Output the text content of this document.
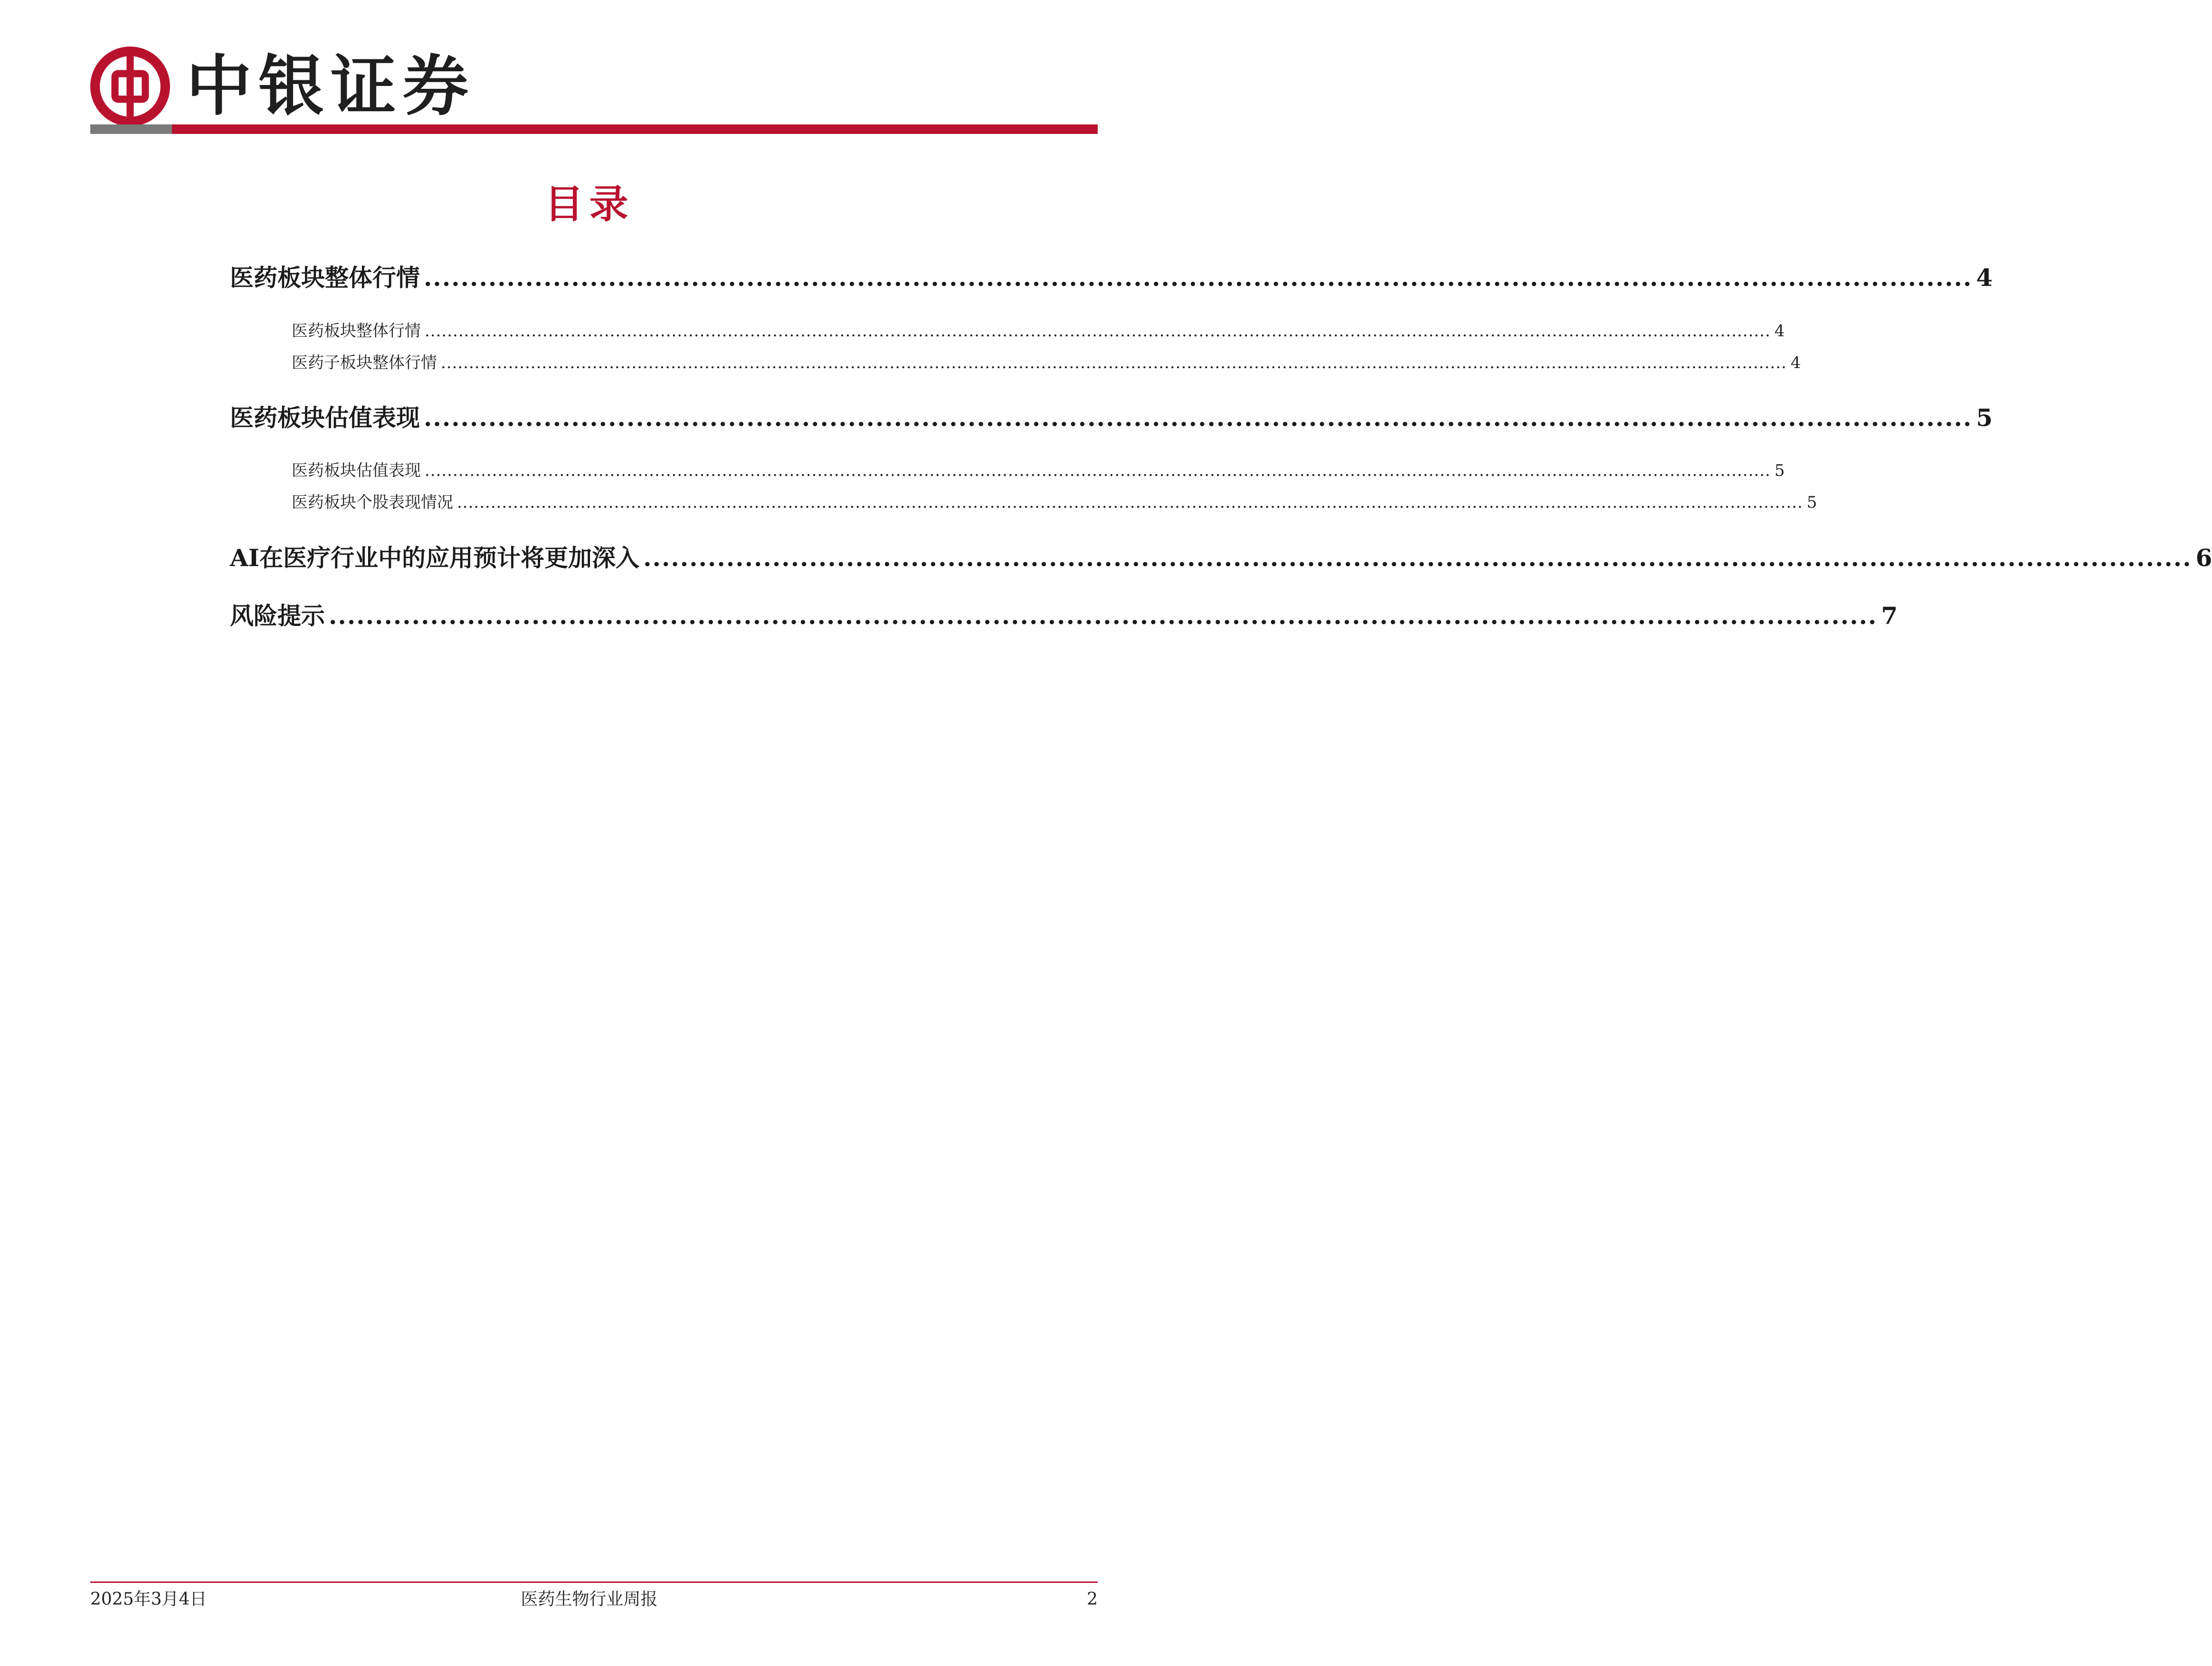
中银证券
目录
医药板块整体行情 ........................................................................................................................................................................ 4
医药板块整体行情 ................................................................................................................................................................................................................................................ 4
医药子板块整体行情 ................................................................................................................................................................................................................................................ 4
医药板块估值表现 ........................................................................................................................................................................ 5
医药板块估值表现 ................................................................................................................................................................................................................................................ 5
医药板块个股表现情况 ................................................................................................................................................................................................................................................ 5
AI在医疗行业中的应用预计将更加深入 ........................................................................................................................................................................ 6
风险提示 ........................................................................................................................................................................ 7
2025年3月4日	医药生物行业周报	2
